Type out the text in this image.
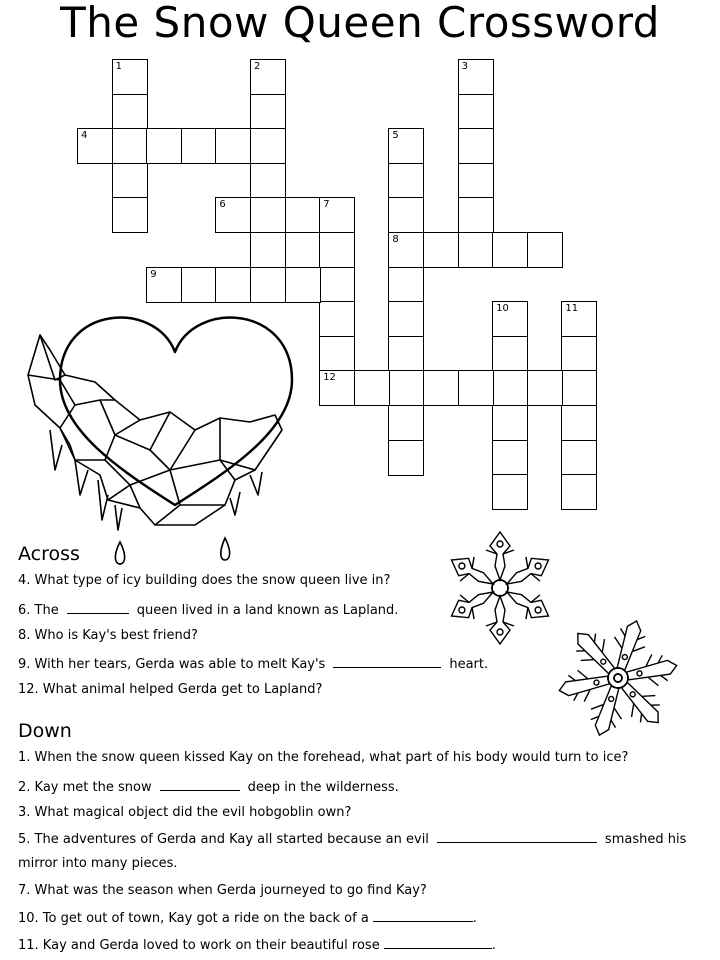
The Snow Queen Crossword
1	2	3
4	5
8
6	7
12
9
10	11
Across
4. What type of icy building does the snow queen live in?
6. The	queen lived in a land known as Lapland.
8. Who is Kay's best friend?
9. With her tears, Gerda was able to melt Kay's	heart.
12. What animal helped Gerda get to Lapland?
Down
1. When the snow queen kissed Kay on the forehead, what part of his body would turn to ice?
2. Kay met the snow	deep in the wilderness.
3. What magical object did the evil hobgoblin own?
5. The adventures of Gerda and Kay all started because an evil	smashed his
mirror into many pieces.
7. What was the season when Gerda journeyed to go find Kay?
10. To get out of town, Kay got a ride on the back of a	.
11. Kay and Gerda loved to work on their beautiful rose	.
